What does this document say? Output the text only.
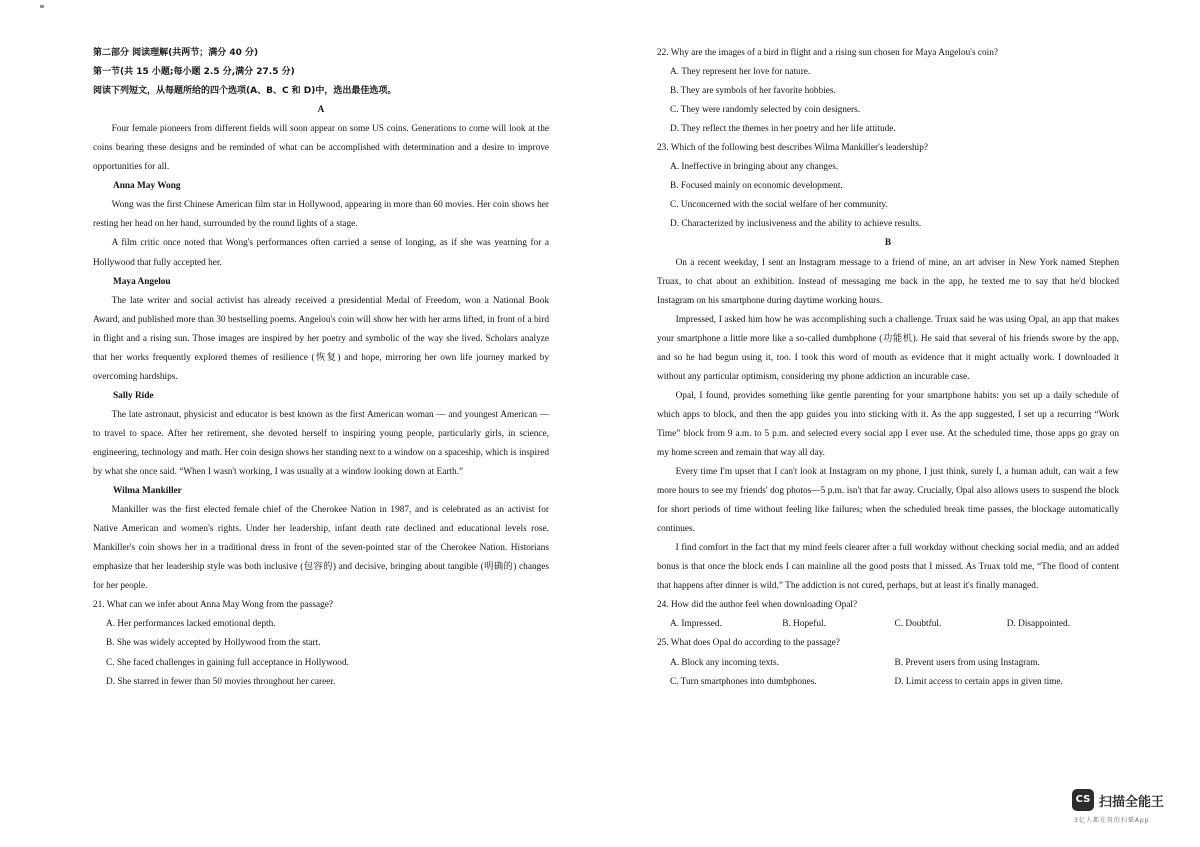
第二部分 阅读理解(共两节；满分 40 分)

第一节(共 15 小题;每小题 2.5 分,满分 27.5 分)

阅读下列短文，从每题所给的四个选项(A、B、C 和 D)中，选出最佳选项。

A

Four female pioneers from different fields will soon appear on some US coins. Generations to come will look at the coins bearing these designs and be reminded of what can be accomplished with determination and a desire to improve opportunities for all.

Anna May Wong

Wong was the first Chinese American film star in Hollywood, appearing in more than 60 movies. Her coin shows her resting her head on her hand, surrounded by the round lights of a stage.

A film critic once noted that Wong's performances often carried a sense of longing, as if she was yearning for a Hollywood that fully accepted her.

Maya Angelou

The late writer and social activist has already received a presidential Medal of Freedom, won a National Book Award, and published more than 30 bestselling poems. Angelou's coin will show her with her arms lifted, in front of a bird in flight and a rising sun. Those images are inspired by her poetry and symbolic of the way she lived. Scholars analyze that her works frequently explored themes of resilience (恢复) and hope, mirroring her own life journey marked by overcoming hardships.

Sally Ride

The late astronaut, physicist and educator is best known as the first American woman — and youngest American — to travel to space. After her retirement, she devoted herself to inspiring young people, particularly girls, in science, engineering, technology and math. Her coin design shows her standing next to a window on a spaceship, which is inspired by what she once said. “When I wasn't working, I was usually at a window looking down at Earth.”

Wilma Mankiller

Mankiller was the first elected female chief of the Cherokee Nation in 1987, and is celebrated as an activist for Native American and women's rights. Under her leadership, infant death rate declined and educational levels rose. Mankiller's coin shows her in a traditional dress in front of the seven-pointed star of the Cherokee Nation. Historians emphasize that her leadership style was both inclusive (包容的) and decisive, bringing about tangible (明确的) changes for her people.

21. What can we infer about Anna May Wong from the passage?

A. Her performances lacked emotional depth.

B. She was widely accepted by Hollywood from the start.

C. She faced challenges in gaining full acceptance in Hollywood.

D. She starred in fewer than 50 movies throughout her career.

22. Why are the images of a bird in flight and a rising sun chosen for Maya Angelou's coin?

A. They represent her love for nature.

B. They are symbols of her favorite hobbies.

C. They were randomly selected by coin designers.

D. They reflect the themes in her poetry and her life attitude.

23. Which of the following best describes Wilma Mankiller's leadership?

A. Ineffective in bringing about any changes.

B. Focused mainly on economic development.

C. Unconcerned with the social welfare of her community.

D. Characterized by inclusiveness and the ability to achieve results.

B

On a recent weekday, I sent an Instagram message to a friend of mine, an art adviser in New York named Stephen Truax, to chat about an exhibition. Instead of messaging me back in the app, he texted me to say that he'd blocked Instagram on his smartphone during daytime working hours.

Impressed, I asked him how he was accomplishing such a challenge. Truax said he was using Opal, an app that makes your smartphone a little more like a so-called dumbphone (功能机). He said that several of his friends swore by the app, and so he had begun using it, too. I took this word of mouth as evidence that it might actually work. I downloaded it without any particular optimism, considering my phone addiction an incurable case.

Opal, I found, provides something like gentle parenting for your smartphone habits: you set up a daily schedule of which apps to block, and then the app guides you into sticking with it. As the app suggested, I set up a recurring “Work Time” block from 9 a.m. to 5 p.m. and selected every social app I ever use. At the scheduled time, those apps go gray on my home screen and remain that way all day.

Every time I'm upset that I can't look at Instagram on my phone, I just think, surely I, a human adult, can wait a few more hours to see my friends' dog photos—5 p.m. isn't that far away. Crucially, Opal also allows users to suspend the block for short periods of time without feeling like failures; when the scheduled break time passes, the blockage automatically continues.

I find comfort in the fact that my mind feels clearer after a full workday without checking social media, and an added bonus is that once the block ends I can mainline all the good posts that I missed. As Truax told me, “The flood of content that happens after dinner is wild.” The addiction is not cured, perhaps, but at least it's finally managed.

24. How did the author feel when downloading Opal?

A. Impressed.	B. Hopeful.	C. Doubtful.	D. Disappointed.

25. What does Opal do according to the passage?

A. Block any incoming texts.	B. Prevent users from using Instagram.

C. Turn smartphones into dumbphones.	D. Limit access to certain apps in given time.

CS 扫描全能王
3亿人都在用的扫描App
